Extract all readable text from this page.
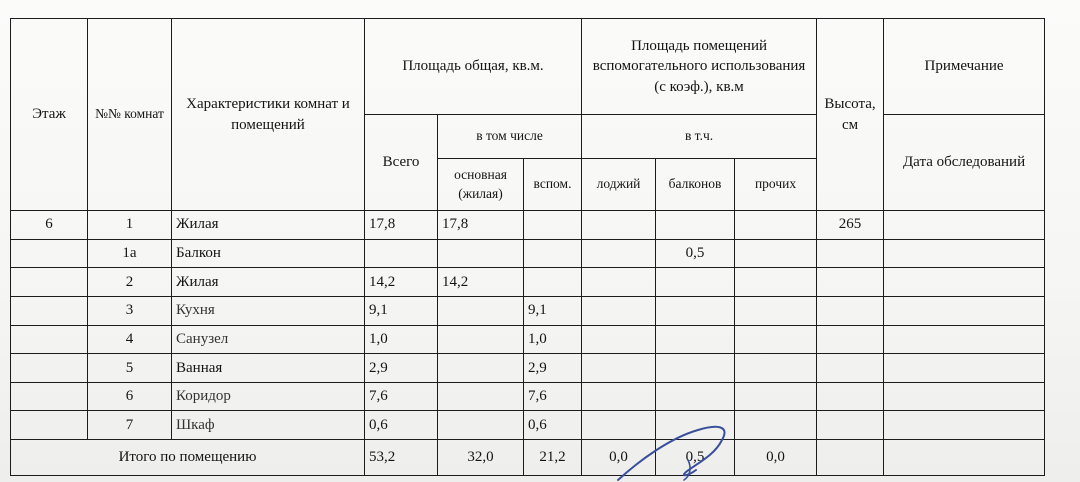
Этаж	№№ комнат	Характеристики комнат и помещений	Площадь общая, кв.м.			Площадь помещений вспомогательного использования (с коэф.), кв.м			Высота, см	Примечание
			Всего	в том числе		в т.ч.				Дата обследований

				основная (жилая)	вспом.	лоджий	балконов	прочих		
6	1	Жилая	17,8	17,8					265	
	1а	Балкон					0,5			
	2	Жилая	14,2	14,2						
	3	Кухня	9,1		9,1					
	4	Санузел	1,0		1,0					
	5	Ванная	2,9		2,9					
	6	Коридор	7,6		7,6					
	7	Шкаф	0,6		0,6					
Итого по помещению			53,2	32,0	21,2	0,0	0,5	0,0		
